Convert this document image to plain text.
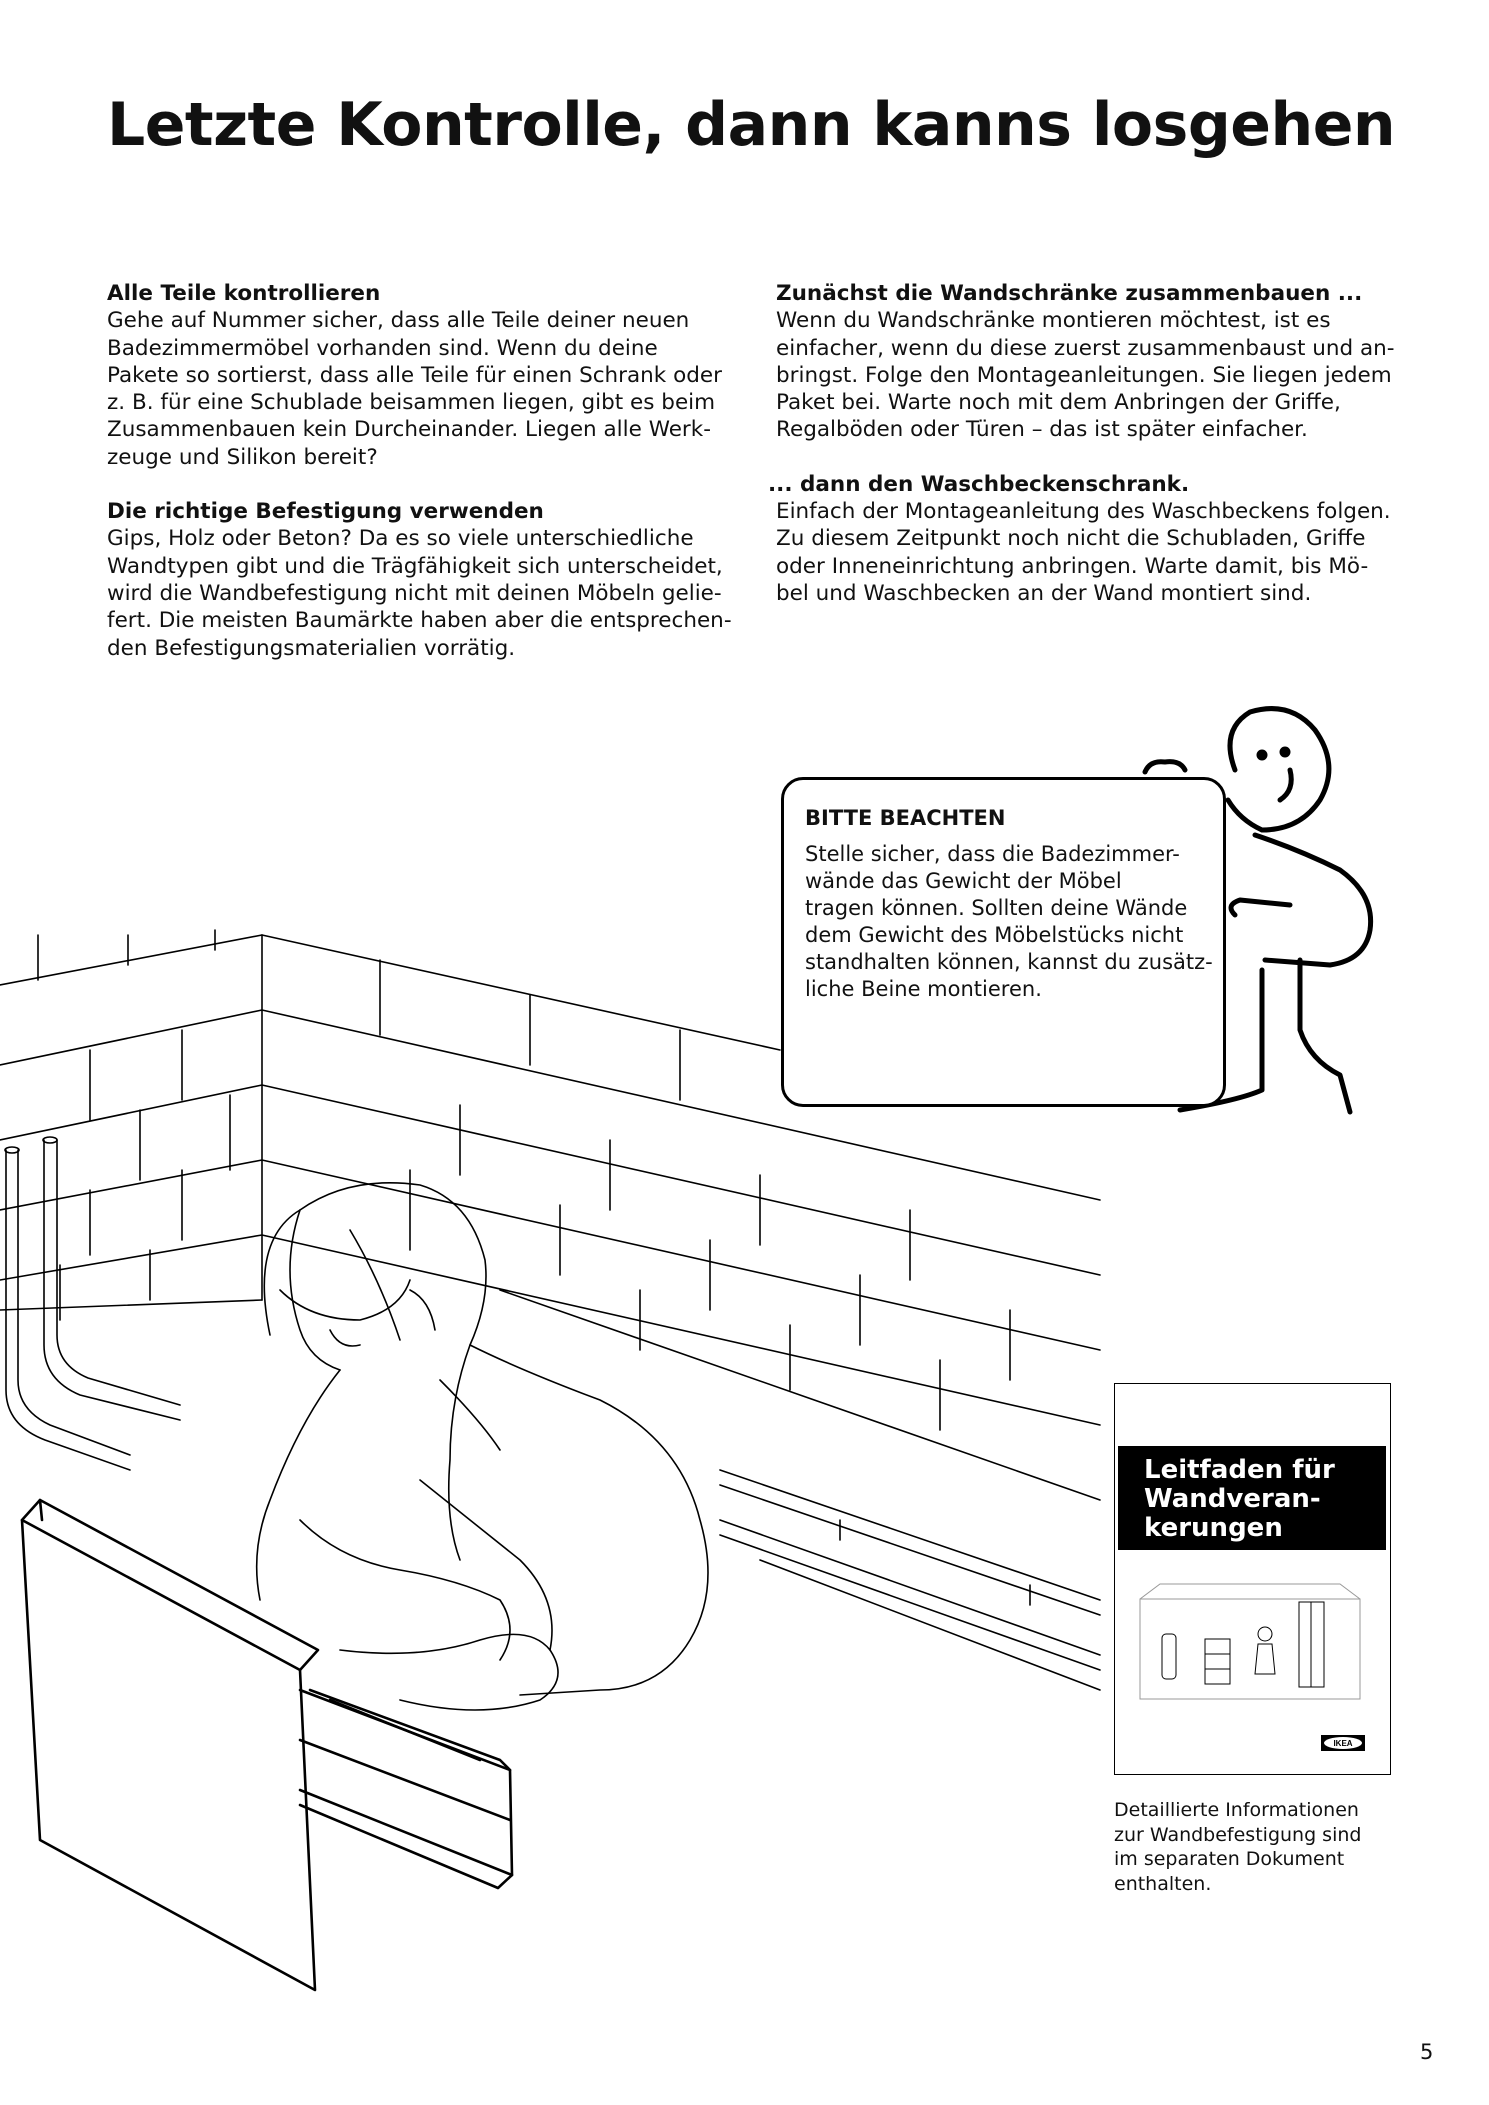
Letzte Kontrolle, dann kanns losgehen

Alle Teile kontrollieren

Gehe auf Nummer sicher, dass alle Teile deiner neuen
Badezimmermöbel vorhanden sind. Wenn du deine
Pakete so sortierst, dass alle Teile für einen Schrank oder
z. B. für eine Schublade beisammen liegen, gibt es beim
Zusammenbauen kein Durcheinander. Liegen alle Werk-
zeuge und Silikon bereit?

Die richtige Befestigung verwenden

Gips, Holz oder Beton? Da es so viele unterschiedliche
Wandtypen gibt und die Trägfähigkeit sich unterscheidet,
wird die Wandbefestigung nicht mit deinen Möbeln gelie-
fert. Die meisten Baumärkte haben aber die entsprechen-
den Befestigungsmaterialien vorrätig.

Zunächst die Wandschränke zusammenbauen ...

Wenn du Wandschränke montieren möchtest, ist es
einfacher, wenn du diese zuerst zusammenbaust und an-
bringst. Folge den Montageanleitungen. Sie liegen jedem
Paket bei. Warte noch mit dem Anbringen der Griffe,
Regalböden oder Türen – das ist später einfacher.

... dann den Waschbeckenschrank.

Einfach der Montageanleitung des Waschbeckens folgen.
Zu diesem Zeitpunkt noch nicht die Schubladen, Griffe
oder Inneneinrichtung anbringen. Warte damit, bis Mö-
bel und Waschbecken an der Wand montiert sind.

BITTE BEACHTEN
Stelle sicher, dass die Badezimmer-
wände das Gewicht der Möbel
tragen können. Sollten deine Wände
dem Gewicht des Möbelstücks nicht
standhalten können, kannst du zusätz-
liche Beine montieren.
Leitfaden für
Wandveran-
kerungen
IKEA
Detaillierte Informationen
zur Wandbefestigung sind
im separaten Dokument
enthalten.
5
